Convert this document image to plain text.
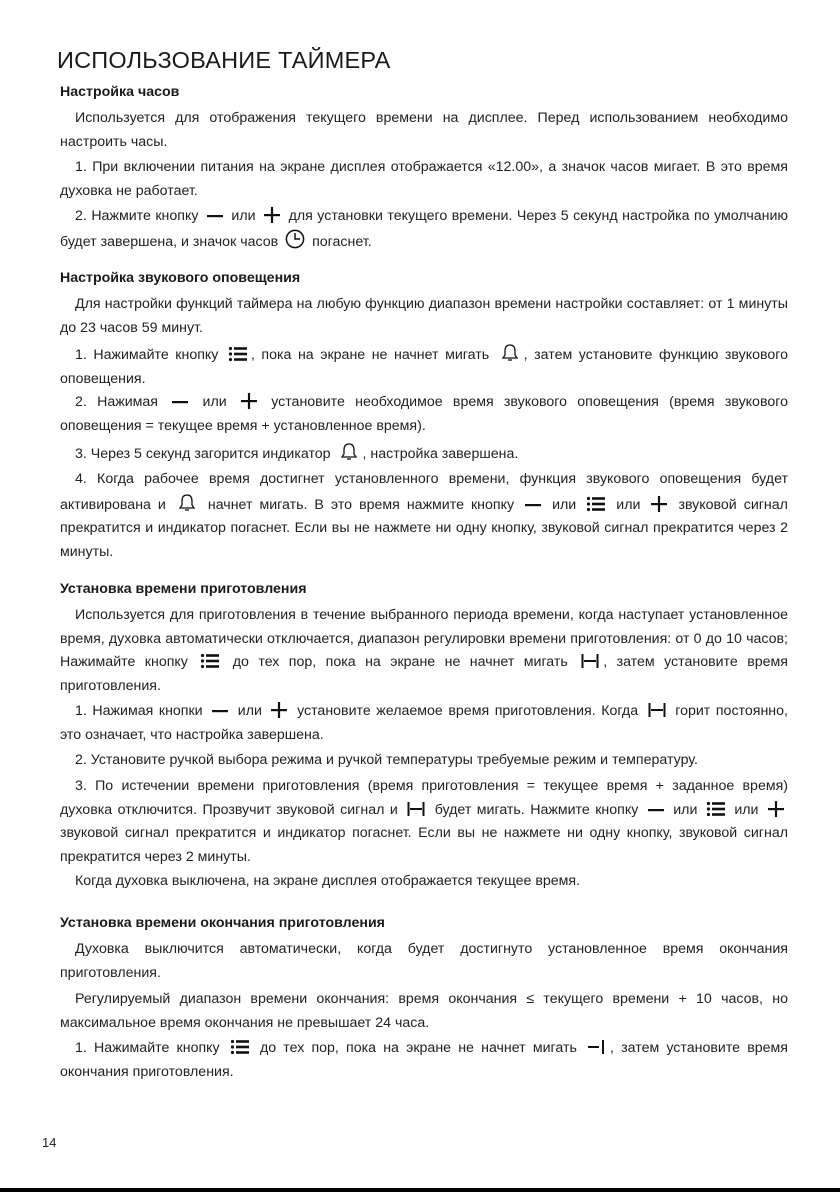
ИСПОЛЬЗОВАНИЕ ТАЙМЕРА
Настройка часов

Используется для отображения текущего времени на дисплее. Перед использованием необходимо настроить часы.

1. При включении питания на экране дисплея отображается «12.00», а значок часов мигает. В это время духовка не работает.

2. Нажмите кнопку или для установки текущего времени. Через 5 секунд настройка по умолчанию будет завершена, и значок часов погаснет.

Настройка звукового оповещения

Для настройки функций таймера на любую функцию диапазон времени настройки составляет: от 1 минуты до 23 часов 59 минут.

1. Нажимайте кнопку , пока на экране не начнет мигать , затем установите функцию звукового оповещения.

2. Нажимая	или	установите необходимое время звукового оповещения (время звукового оповещения = текущее время + установленное время).

3. Через 5 секунд загорится индикатор , настройка завершена.

4. Когда рабочее время достигнет установленного времени, функция звукового оповещения будет активирована и	начнет мигать. В это время нажмите кнопку	или	или	звуковой сигнал прекратится и индикатор погаснет. Если вы не нажмете ни одну кнопку, звуковой сигнал прекратится через 2 минуты.

Установка времени приготовления

Используется для приготовления в течение выбранного периода времени, когда наступает установленное время, духовка автоматически отключается, диапазон регулировки времени приготовления: от 0 до 10 часов; Нажимайте кнопку	до тех пор, пока на экране не начнет мигать , затем установите время приготовления.

1. Нажимая кнопки или установите желаемое время приготовления. Когда	горит постоянно, это означает, что настройка завершена.

2. Установите ручкой выбора режима и ручкой температуры требуемые режим и температуру.

3. По истечении времени приготовления (время приготовления = текущее время + заданное время) духовка отключится. Прозвучит звуковой сигнал и	будет мигать. Нажмите кнопку или	или  звуковой сигнал прекратится и индикатор погаснет. Если вы не нажмете ни одну кнопку, звуковой сигнал прекратится через 2 минуты.

Когда духовка выключена, на экране дисплея отображается текущее время.

Установка времени окончания приготовления

Духовка выключится автоматически, когда будет достигнуто установленное время окончания приготовления.

Регулируемый диапазон времени окончания: время окончания ≤ текущего времени + 10 часов, но максимальное время окончания не превышает 24 часа.

1. Нажимайте кнопку	до тех пор, пока на экране не начнет мигать , затем установите время окончания приготовления.

14
